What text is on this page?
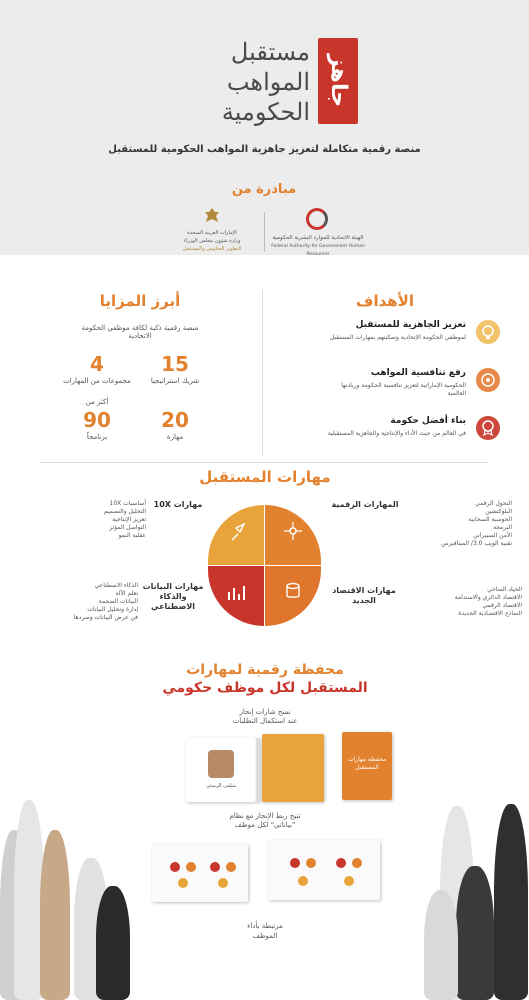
جاهز
مستقبل
المواهب
الحكومية
منصة رقمية متكاملة لتعزيز جاهزية المواهب الحكومية للمستقبل
مبادرة من
الهيئة الاتحادية للموارد البشرية الحكومية
Federal Authority for Government Human Resources
الإمارات العربية المتحدة
وزارة شؤون مجلس الوزراء
التطوير الحكومي والمستقبل
الأهداف
تعزيز الجاهزية للمستقبل
لموظفي الحكومة الإتحادية وتمكينهم بمهارات المستقبل
رفع تنافسية المواهب
الحكومية الإماراتية لتعزيز تنافسية الحكومة وريادتها العالمية
بناء أفضل حكومة
في العالم من حيث الأداء والإنتاجية والجاهزية المستقبلية
أبرز المزايا
منصة رقمية ذكية لكافة موظفي الحكومة الاتحادية
15
شريك استراتيجيا
4
مجموعات من المهارات
20
مهارة
أكثر من
90
برنامجاً
مهارات المستقبل
المهارات الرقمية	التحول الرقمي
البلوكتشين
الحوسبة السحابية
البرمجة
الأمن السيبراني
تقنية الويب 3.0/ الميتافيرس
مهارات 10X
أساسيات 10X
التحليل والتصميم
تعزيز الإنتاجية
التواصل المؤثر
عقلية النمو
مهارات الاقتصاد الجديد
الحياد المناخي
الاقتصاد الدائري والاستدامة
الاقتصاد الرقمي
النماذج الاقتصادية الجديدة
مهارات البيانات والذكاء الاصطناعي
الذكاء الاصطناعي
تعلم الآلة
البيانات الضخمة
إدارة وتحليل البيانات
فن عرض البيانات وسردها
محفظة رقمية لمهارات
المستقبل لكل موظف حكومي
تمنح شارات إنجاز
عند استكمال التطلبات
سلمى الرميثي
محفظة مهارات المستقبل
تتيح ربط الإنجاز مع نظام
"بياناتي" لكل موظف
مرتبطة بأداء
الموظف
